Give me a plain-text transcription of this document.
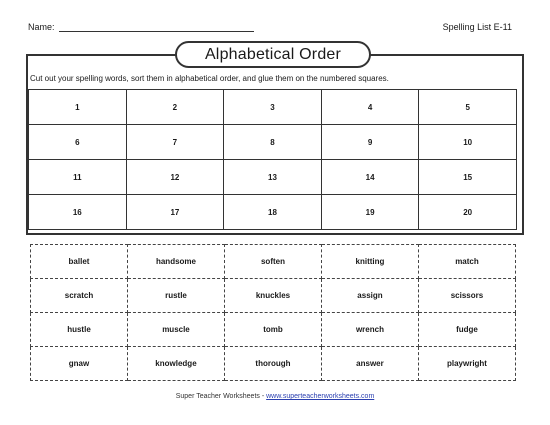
Name:	Spelling List E-11
Alphabetical Order
Cut out your spelling words, sort them in alphabetical order, and glue them on the numbered squares.
1	2	3	4	5
6	7	8	9	10
11	12	13	14	15
16	17	18	19	20
ballet	handsome	soften	knitting	match
scratch	rustle	knuckles	assign	scissors
hustle	muscle	tomb	wrench	fudge
gnaw	knowledge	thorough	answer	playwright
Super Teacher Worksheets - www.superteacherworksheets.com
